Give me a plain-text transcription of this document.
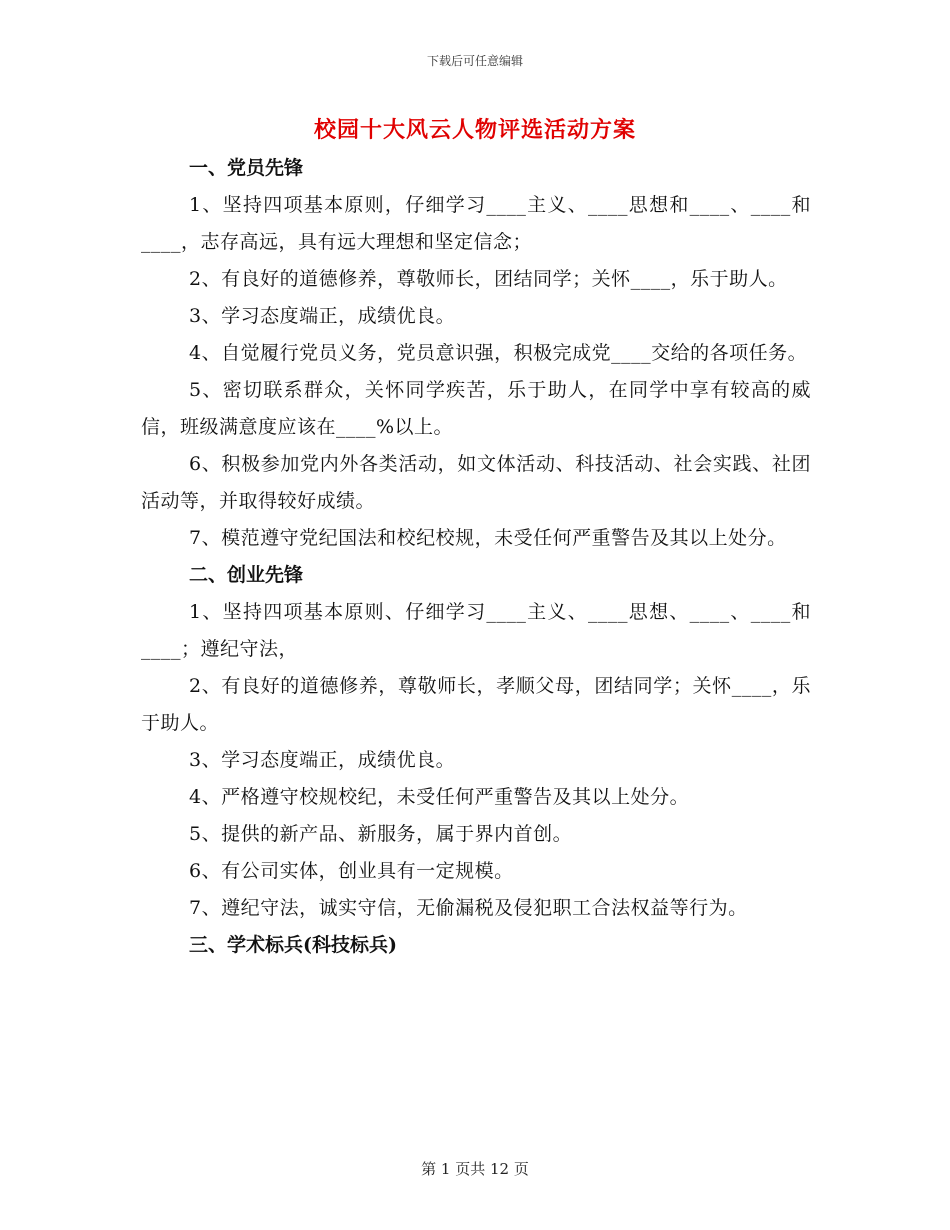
下载后可任意编辑
校园十大风云人物评选活动方案
一、党员先锋
1、坚持四项基本原则，仔细学习____主义、____思想和____、____和____，志存高远，具有远大理想和坚定信念；
2、有良好的道德修养，尊敬师长，团结同学；关怀____，乐于助人。
3、学习态度端正，成绩优良。
4、自觉履行党员义务，党员意识强，积极完成党____交给的各项任务。
5、密切联系群众，关怀同学疾苦，乐于助人，在同学中享有较高的威信，班级满意度应该在____%以上。
6、积极参加党内外各类活动，如文体活动、科技活动、社会实践、社团活动等，并取得较好成绩。
7、模范遵守党纪国法和校纪校规，未受任何严重警告及其以上处分。
二、创业先锋
1、坚持四项基本原则、仔细学习____主义、____思想、____、____和____；遵纪守法，
2、有良好的道德修养，尊敬师长，孝顺父母，团结同学；关怀____，乐于助人。
3、学习态度端正，成绩优良。
4、严格遵守校规校纪，未受任何严重警告及其以上处分。
5、提供的新产品、新服务，属于界内首创。
6、有公司实体，创业具有一定规模。
7、遵纪守法，诚实守信，无偷漏税及侵犯职工合法权益等行为。
三、学术标兵(科技标兵)
第 1 页共 12 页
